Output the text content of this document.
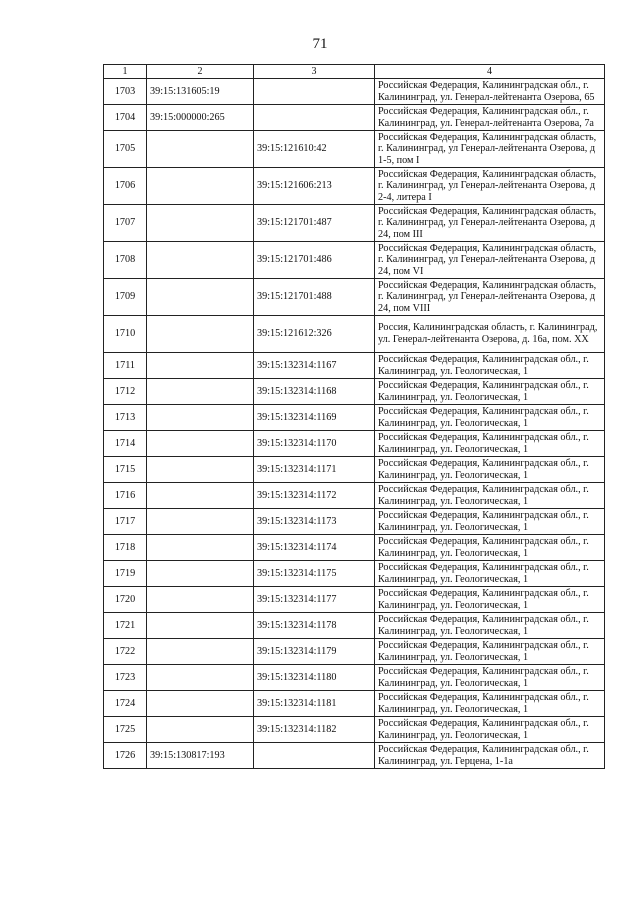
71
1	2	3	4
1703	39:15:131605:19		Российская Федерация, Калининградская обл., г. Калининград, ул. Генерал-лейтенанта Озерова, 65
1704	39:15:000000:265		Российская Федерация, Калининградская обл., г. Калининград, ул. Генерал-лейтенанта Озерова, 7а
1705		39:15:121610:42	Российская Федерация, Калининградская область, г. Калининград, ул Генерал-лейтенанта Озерова, д 1-5, пом I
1706		39:15:121606:213	Российская Федерация, Калининградская область, г. Калининград, ул Генерал-лейтенанта Озерова, д 2-4, литера I
1707		39:15:121701:487	Российская Федерация, Калининградская область, г. Калининград, ул Генерал-лейтенанта Озерова, д 24, пом III
1708		39:15:121701:486	Российская Федерация, Калининградская область, г. Калининград, ул Генерал-лейтенанта Озерова, д 24, пом VI
1709		39:15:121701:488	Российская Федерация, Калининградская область, г. Калининград, ул Генерал-лейтенанта Озерова, д 24, пом VIII
1710		39:15:121612:326	Россия, Калининградская область, г. Калининград, ул. Генерал-лейтенанта Озерова, д. 16а, пом. XX
1711		39:15:132314:1167	Российская Федерация, Калининградская обл., г. Калининград, ул. Геологическая, 1
1712		39:15:132314:1168	Российская Федерация, Калининградская обл., г. Калининград, ул. Геологическая, 1
1713		39:15:132314:1169	Российская Федерация, Калининградская обл., г. Калининград, ул. Геологическая, 1
1714		39:15:132314:1170	Российская Федерация, Калининградская обл., г. Калининград, ул. Геологическая, 1
1715		39:15:132314:1171	Российская Федерация, Калининградская обл., г. Калининград, ул. Геологическая, 1
1716		39:15:132314:1172	Российская Федерация, Калининградская обл., г. Калининград, ул. Геологическая, 1
1717		39:15:132314:1173	Российская Федерация, Калининградская обл., г. Калининград, ул. Геологическая, 1
1718		39:15:132314:1174	Российская Федерация, Калининградская обл., г. Калининград, ул. Геологическая, 1
1719		39:15:132314:1175	Российская Федерация, Калининградская обл., г. Калининград, ул. Геологическая, 1
1720		39:15:132314:1177	Российская Федерация, Калининградская обл., г. Калининград, ул. Геологическая, 1
1721		39:15:132314:1178	Российская Федерация, Калининградская обл., г. Калининград, ул. Геологическая, 1
1722		39:15:132314:1179	Российская Федерация, Калининградская обл., г. Калининград, ул. Геологическая, 1
1723		39:15:132314:1180	Российская Федерация, Калининградская обл., г. Калининград, ул. Геологическая, 1
1724		39:15:132314:1181	Российская Федерация, Калининградская обл., г. Калининград, ул. Геологическая, 1
1725		39:15:132314:1182	Российская Федерация, Калининградская обл., г. Калининград, ул. Геологическая, 1
1726	39:15:130817:193		Российская Федерация, Калининградская обл., г. Калининград, ул. Герцена, 1-1а
